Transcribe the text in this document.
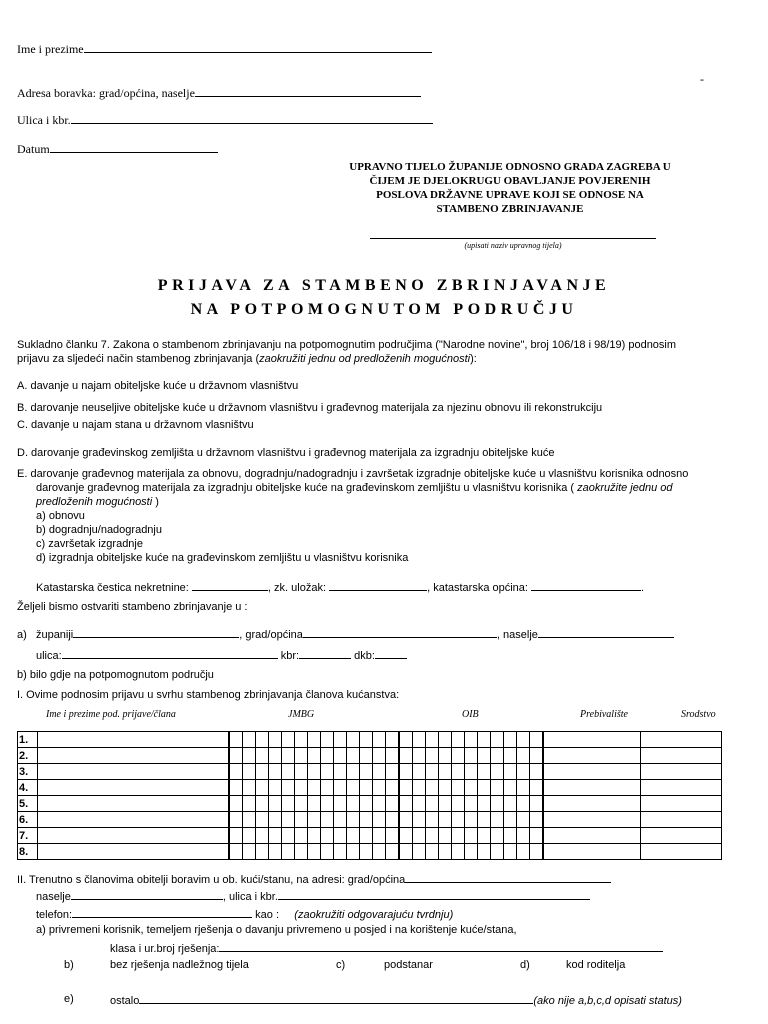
Ime i prezime
-
Adresa boravka: grad/općina, naselje
Ulica i kbr.
Datum
UPRAVNO TIJELO ŽUPANIJE ODNOSNO GRADA ZAGREBA U
ČIJEM JE DJELOKRUGU OBAVLJANJE POVJERENIH
POSLOVA DRŽAVNE UPRAVE KOJI SE ODNOSE NA
STAMBENO ZBRINJAVANJE
(upisati naziv upravnog tijela)
PRIJAVA ZA STAMBENO ZBRINJAVANJE
NA POTPOMOGNUTOM PODRUČJU
Sukladno članku 7. Zakona o stambenom zbrinjavanju na potpomognutim područjima ("Narodne novine", broj 106/18 i 98/19) podnosim
prijavu za sljedeći način stambenog zbrinjavanja (zaokružiti jednu od predloženih mogućnosti):
A. davanje u najam obiteljske kuće u državnom vlasništvu
B. darovanje neuseljive obiteljske kuće u državnom vlasništvu i građevnog materijala za njezinu obnovu ili rekonstrukciju
C. davanje u najam stana u državnom vlasništvu
D. darovanje građevinskog zemljišta u državnom vlasništvu i građevnog materijala za izgradnju obiteljske kuće
E. darovanje građevnog materijala za obnovu, dogradnju/nadogradnju i završetak izgradnje obiteljske kuće u vlasništvu korisnika odnosno
darovanje građevnog materijala za izgradnju obiteljske kuće na građevinskom zemljištu u vlasništvu korisnika ( zaokružite jednu od
predloženih mogućnosti )
a) obnovu
b) dogradnju/nadogradnju
c) završetak izgradnje
d) izgradnja obiteljske kuće na građevinskom zemljištu u vlasništvu korisnika
Katastarska čestica nekretnine:	, zk. uložak:	, katastarska općina:	.
Željeli bismo ostvariti stambeno zbrinjavanje u :
a) županiji	, grad/općina	, naselje
ulica:	kbr:	dkb:
b) bilo gdje na potpomognutom području
I. Ovime podnosim prijavu u svrhu stambenog zbrinjavanja članova kućanstva:
Ime i prezime pod. prijave/člana	JMBG	OIB	Prebivalište	Srodstvo
1.																											
2.																											
3.																											
4.																											
5.																											
6.																											
7.																											
8.																											
II. Trenutno s članovima obitelji boravim u ob. kući/stanu, na adresi: grad/općina
naselje	, ulica i kbr.
telefon:	kao : (zaokružiti odgovarajuću tvrdnju)
a) privremeni korisnik, temeljem rješenja o davanju privremeno u posjed i na korištenje kuće/stana,
klasa i ur.broj rješenja:
b)	bez rješenja nadležnog tijela	c)	podstanar	d)	kod roditelja
e)	ostalo	(ako nije a,b,c,d opisati status)
